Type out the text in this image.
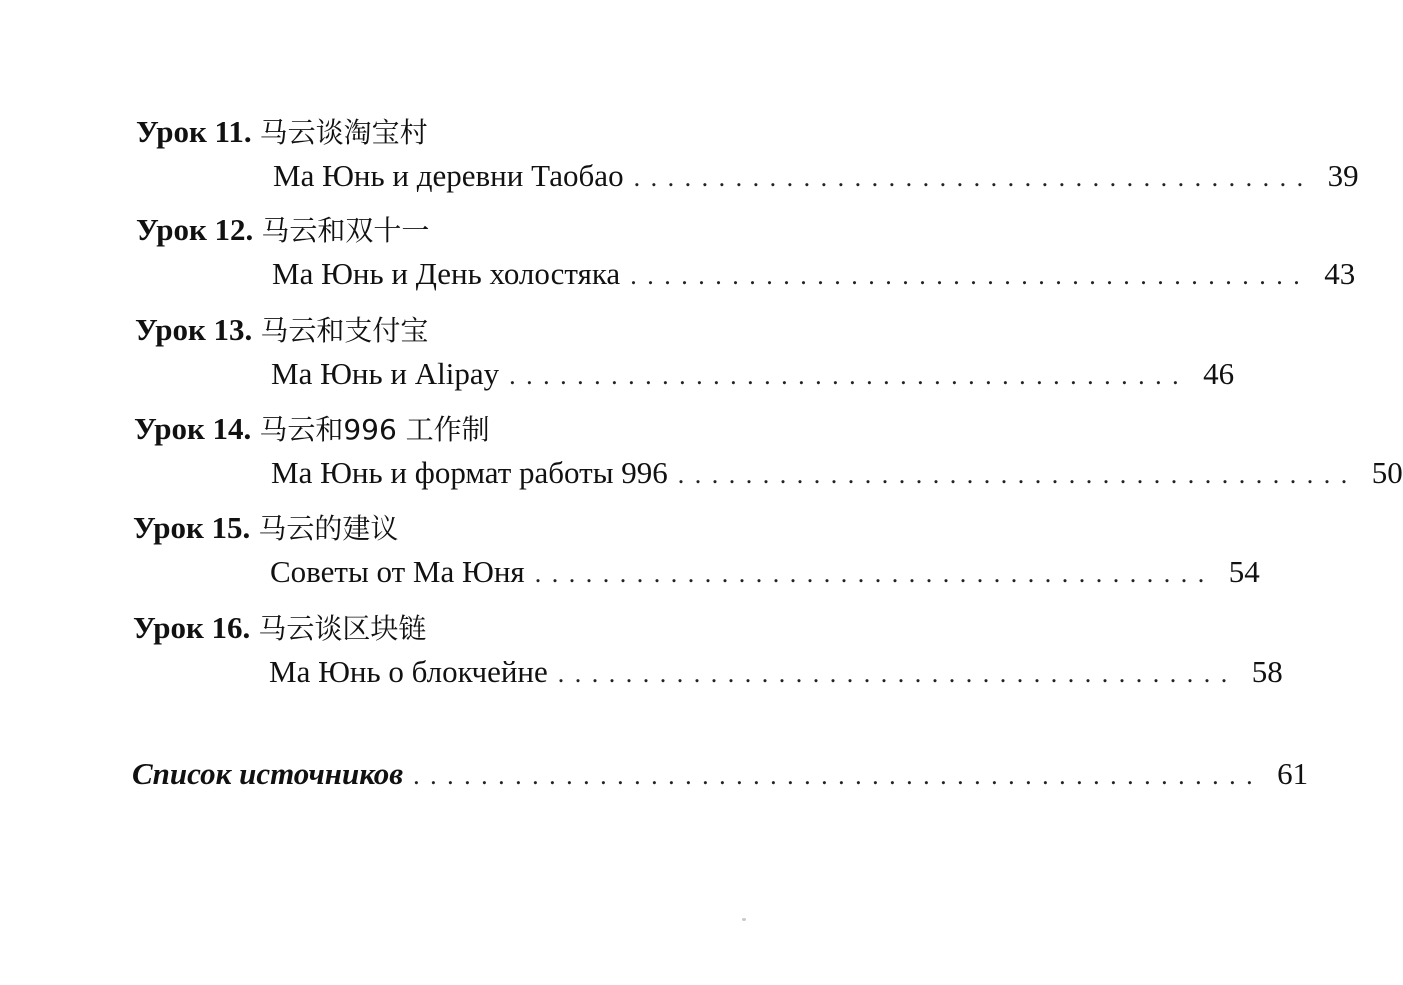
Урок 11. 马云谈淘宝村
Ма Юнь и деревни Таобао ........................................ 39
Урок 12. 马云和双十一
Ма Юнь и День холостяка ........................................ 43
Урок 13. 马云和支付宝
Ма Юнь и Alipay ........................................ 46
Урок 14. 马云和996 工作制
Ма Юнь и формат работы 996 ........................................ 50
Урок 15. 马云的建议
Советы от Ма Юня ........................................ 54
Урок 16. 马云谈区块链
Ма Юнь о блокчейне ........................................ 58
Список источников .................................................. 61
